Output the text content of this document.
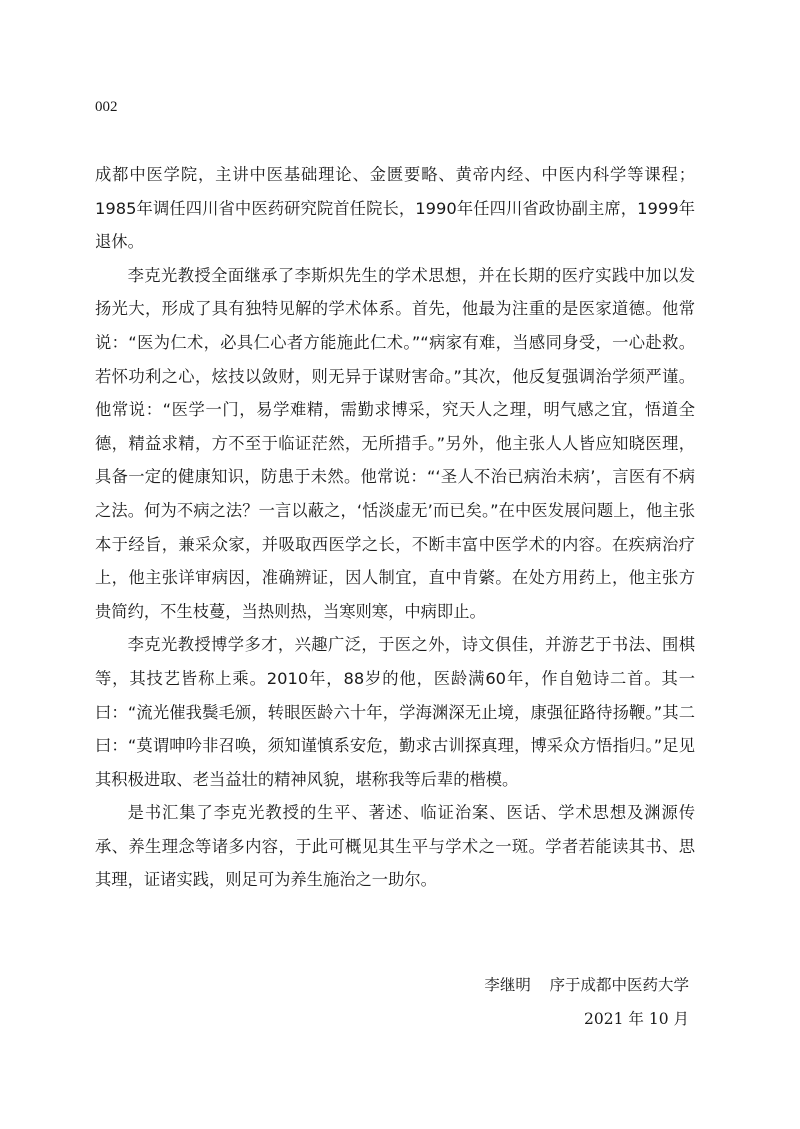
002

成都中医学院，主讲中医基础理论、金匮要略、黄帝内经、中医内科学等课程；1985年调任四川省中医药研究院首任院长，1990年任四川省政协副主席，1999年退休。

李克光教授全面继承了李斯炽先生的学术思想，并在长期的医疗实践中加以发扬光大，形成了具有独特见解的学术体系。首先，他最为注重的是医家道德。他常说：“医为仁术，必具仁心者方能施此仁术。”“病家有难，当感同身受，一心赴救。若怀功利之心，炫技以敛财，则无异于谋财害命。”其次，他反复强调治学须严谨。他常说：“医学一门，易学难精，需勤求博采，究天人之理，明气感之宜，悟道全德，精益求精，方不至于临证茫然，无所措手。”另外，他主张人人皆应知晓医理，具备一定的健康知识，防患于未然。他常说：“‘圣人不治已病治未病’，言医有不病之法。何为不病之法？一言以蔽之，‘恬淡虚无’而已矣。”在中医发展问题上，他主张本于经旨，兼采众家，并吸取西医学之长，不断丰富中医学术的内容。在疾病治疗上，他主张详审病因，准确辨证，因人制宜，直中肯綮。在处方用药上，他主张方贵简约，不生枝蔓，当热则热，当寒则寒，中病即止。

李克光教授博学多才，兴趣广泛，于医之外，诗文俱佳，并游艺于书法、围棋等，其技艺皆称上乘。2010年，88岁的他，医龄满60年，作自勉诗二首。其一曰：“流光催我鬓毛颁，转眼医龄六十年，学海渊深无止境，康强征路待扬鞭。”其二曰：“莫谓呻吟非召唤，须知谨慎系安危，勤求古训探真理，博采众方悟指归。”足见其积极进取、老当益壮的精神风貌，堪称我等后辈的楷模。

是书汇集了李克光教授的生平、著述、临证治案、医话、学术思想及渊源传承、养生理念等诸多内容，于此可概见其生平与学术之一斑。学者若能读其书、思其理，证诸实践，则足可为养生施治之一助尔。

李继明 序于成都中医药大学
2021 年 10 月
